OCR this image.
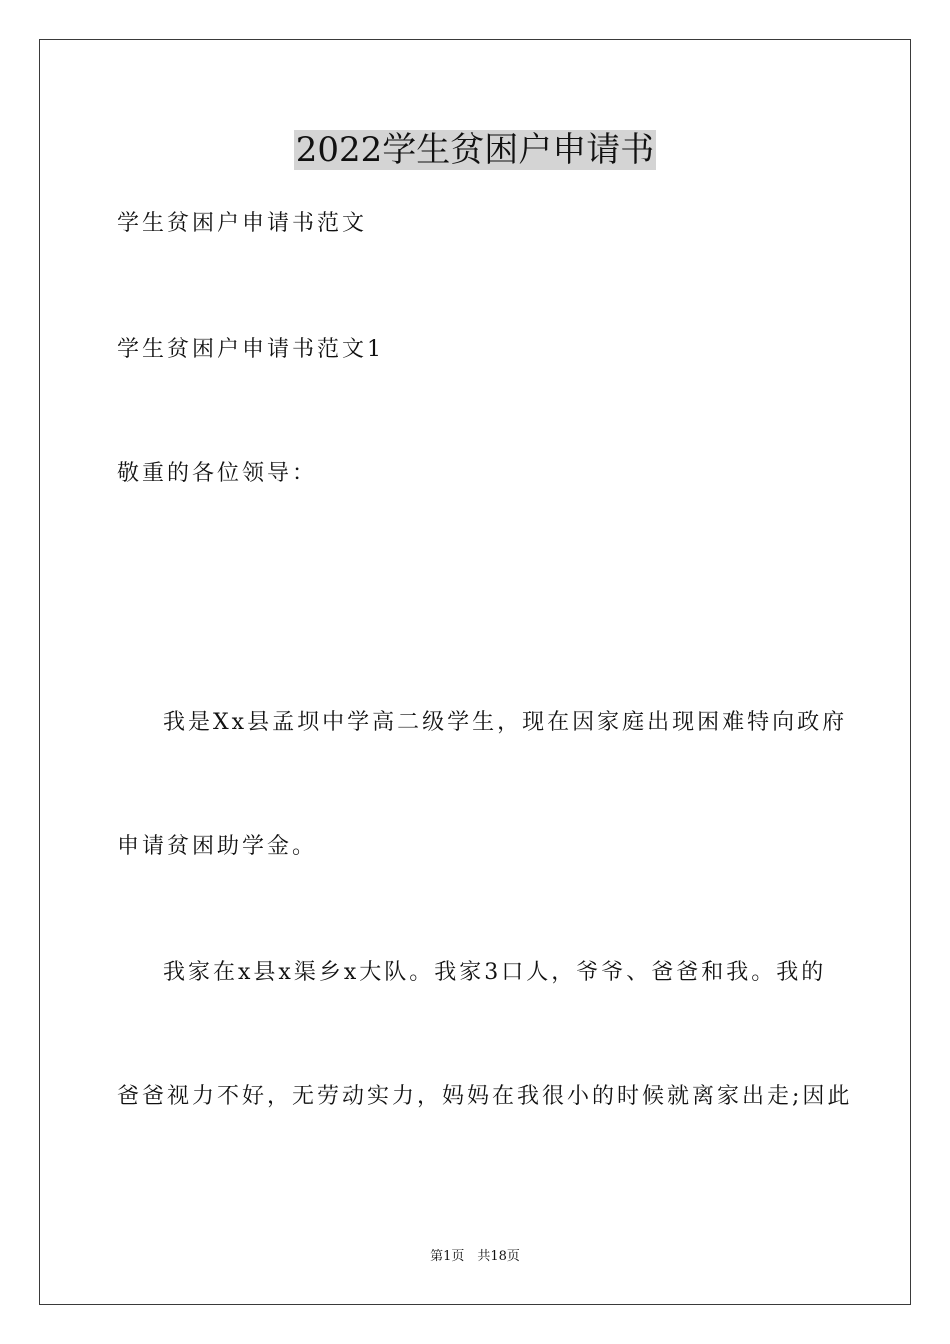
2022学生贫困户申请书
学生贫困户申请书范文
学生贫困户申请书范文1
敬重的各位领导：
我是Xx县孟坝中学高二级学生，现在因家庭出现困难特向政府
申请贫困助学金。
我家在x县x渠乡x大队。我家3口人，爷爷、爸爸和我。我的
爸爸视力不好，无劳动实力，妈妈在我很小的时候就离家出走;因此
第1页　共18页
